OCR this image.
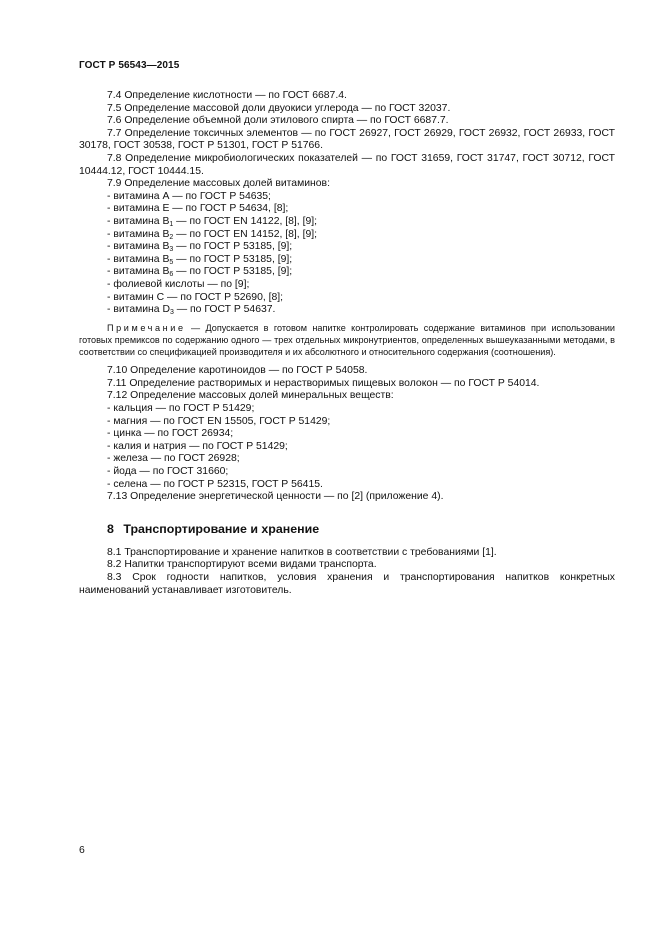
ГОСТ Р 56543—2015

7.4 Определение кислотности — по ГОСТ 6687.4.

7.5 Определение массовой доли двуокиси углерода — по ГОСТ 32037.

7.6 Определение объемной доли этилового спирта — по ГОСТ 6687.7.

7.7 Определение токсичных элементов — по ГОСТ 26927, ГОСТ 26929, ГОСТ 26932, ГОСТ 26933, ГОСТ 30178, ГОСТ 30538, ГОСТ Р 51301, ГОСТ Р 51766.

7.8 Определение микробиологических показателей — по ГОСТ 31659, ГОСТ 31747, ГОСТ 30712, ГОСТ 10444.12, ГОСТ 10444.15.

7.9 Определение массовых долей витаминов:

- витамина А — по ГОСТ Р 54635;

- витамина Е — по ГОСТ Р 54634, [8];

- витамина $В_1$ — по ГОСТ EN 14122, [8], [9];

- витамина $В_2$ — по ГОСТ EN 14152, [8], [9];

- витамина $В_3$ — по ГОСТ Р 53185, [9];

- витамина $В_5$ — по ГОСТ Р 53185, [9];

- витамина $В_6$ — по ГОСТ Р 53185, [9];

- фолиевой кислоты — по [9];

- витамин С — по ГОСТ Р 52690, [8];

- витамина $D_3$ — по ГОСТ Р 54637.

Примечание — Допускается в готовом напитке контролировать содержание витаминов при использовании готовых премиксов по содержанию одного — трех отдельных микронутриентов, определенных вышеуказанными методами, в соответствии со спецификацией производителя и их абсолютного и относительного содержания (соотношения).

7.10 Определение каротиноидов — по ГОСТ Р 54058.

7.11 Определение растворимых и нерастворимых пищевых волокон — по ГОСТ Р 54014.

7.12 Определение массовых долей минеральных веществ:

- кальция — по ГОСТ Р 51429;

- магния — по ГОСТ EN 15505, ГОСТ Р 51429;

- цинка — по ГОСТ 26934;

- калия и натрия — по ГОСТ Р 51429;

- железа — по ГОСТ 26928;

- йода — по ГОСТ 31660;

- селена — по ГОСТ Р 52315, ГОСТ Р 56415.

7.13 Определение энергетической ценности — по [2] (приложение 4).

8 Транспортирование и хранение

8.1 Транспортирование и хранение напитков в соответствии с требованиями [1].

8.2 Напитки транспортируют всеми видами транспорта.

8.3 Срок годности напитков, условия хранения и транспортирования напитков конкретных наименований устанавливает изготовитель.

6
